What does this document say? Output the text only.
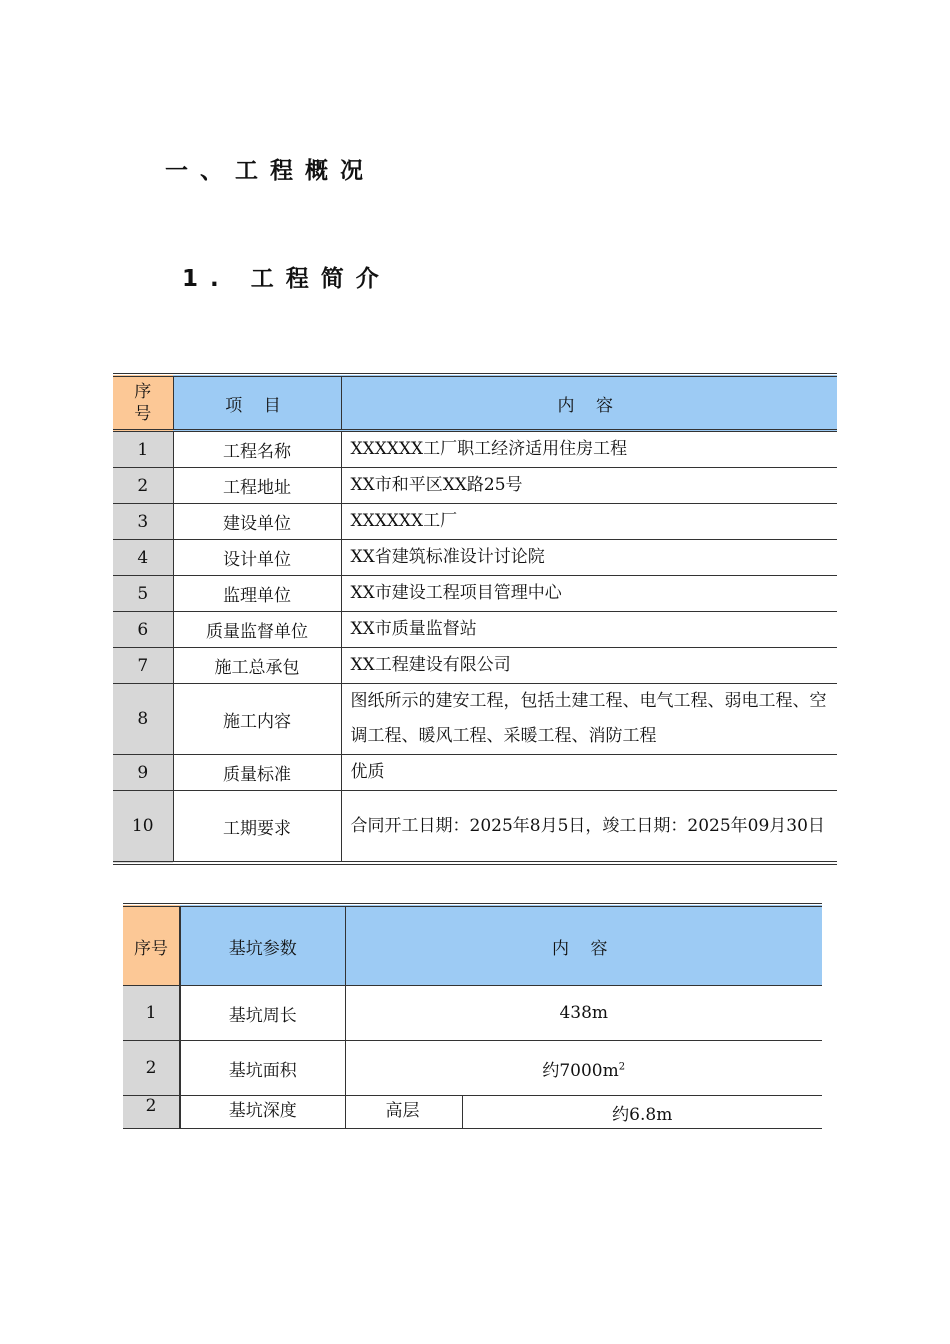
一、工程概况
1. 工程简介
序号	项 目	内 容
1	工程名称	XXXXXX工厂职工经济适用住房工程
2	工程地址	XX市和平区XX路25号
3	建设单位	XXXXXX工厂
4	设计单位	XX省建筑标准设计讨论院
5	监理单位	XX市建设工程项目管理中心
6	质量监督单位	XX市质量监督站
7	施工总承包	XX工程建设有限公司
8	施工内容	图纸所示的建安工程，包括土建工程、电气工程、弱电工程、空调工程、暖风工程、采暖工程、消防工程
9	质量标准	优质
10	工期要求	合同开工日期：2025年8月5日，竣工日期：2025年09月30日
序号	基坑参数	内 容	
1	基坑周长	438m	
2	基坑面积	约$7000m^2$
2	基坑深度	高层	约6.8m
